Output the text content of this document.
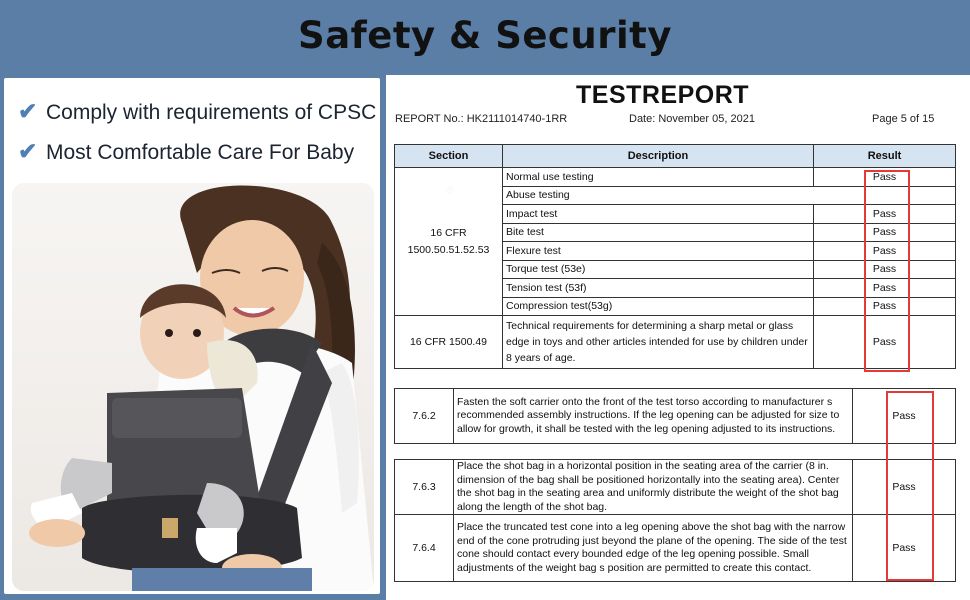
Safety & Security
✔ Comply with requirements of CPSC
✔ Most Comfortable Care For Baby
◎
TESTREPORT
REPORT No.: HK2111014740-1RR	Date: November 05, 2021	Page 5 of 15
Section	Description	Result
16 CFR 1500.50.51.52.53	Normal use testing	Pass
	Abuse testing	
	Impact test	Pass
	Bite test	Pass
	Flexure test	Pass
	Torque test (53e)	Pass
	Tension test (53f)	Pass
	Compression test(53g)	Pass
16 CFR 1500.49	Technical requirements for determining a sharp metal or glass edge in toys and other articles intended for use by children under 8 years of age.	Pass
7.6.2	Fasten the soft carrier onto the front of the test torso according to manufacturer s recommended assembly instructions. If the leg opening can be adjusted for size to allow for growth, it shall be tested with the leg opening adjusted to its instructions.	Pass
7.6.3	Place the shot bag in a horizontal position in the seating area of the carrier (8 in. dimension of the bag shall be positioned horizontally into the seating area). Center the shot bag in the seating area and uniformly distribute the weight of the shot bag along the length of the shot bag.	Pass
7.6.4	Place the truncated test cone into a leg opening above the shot bag with the narrow end of the cone protruding just beyond the plane of the opening. The side of the test cone should contact every bounded edge of the leg opening possible. Small adjustments of the weight bag s position are permitted to create this contact.	Pass
